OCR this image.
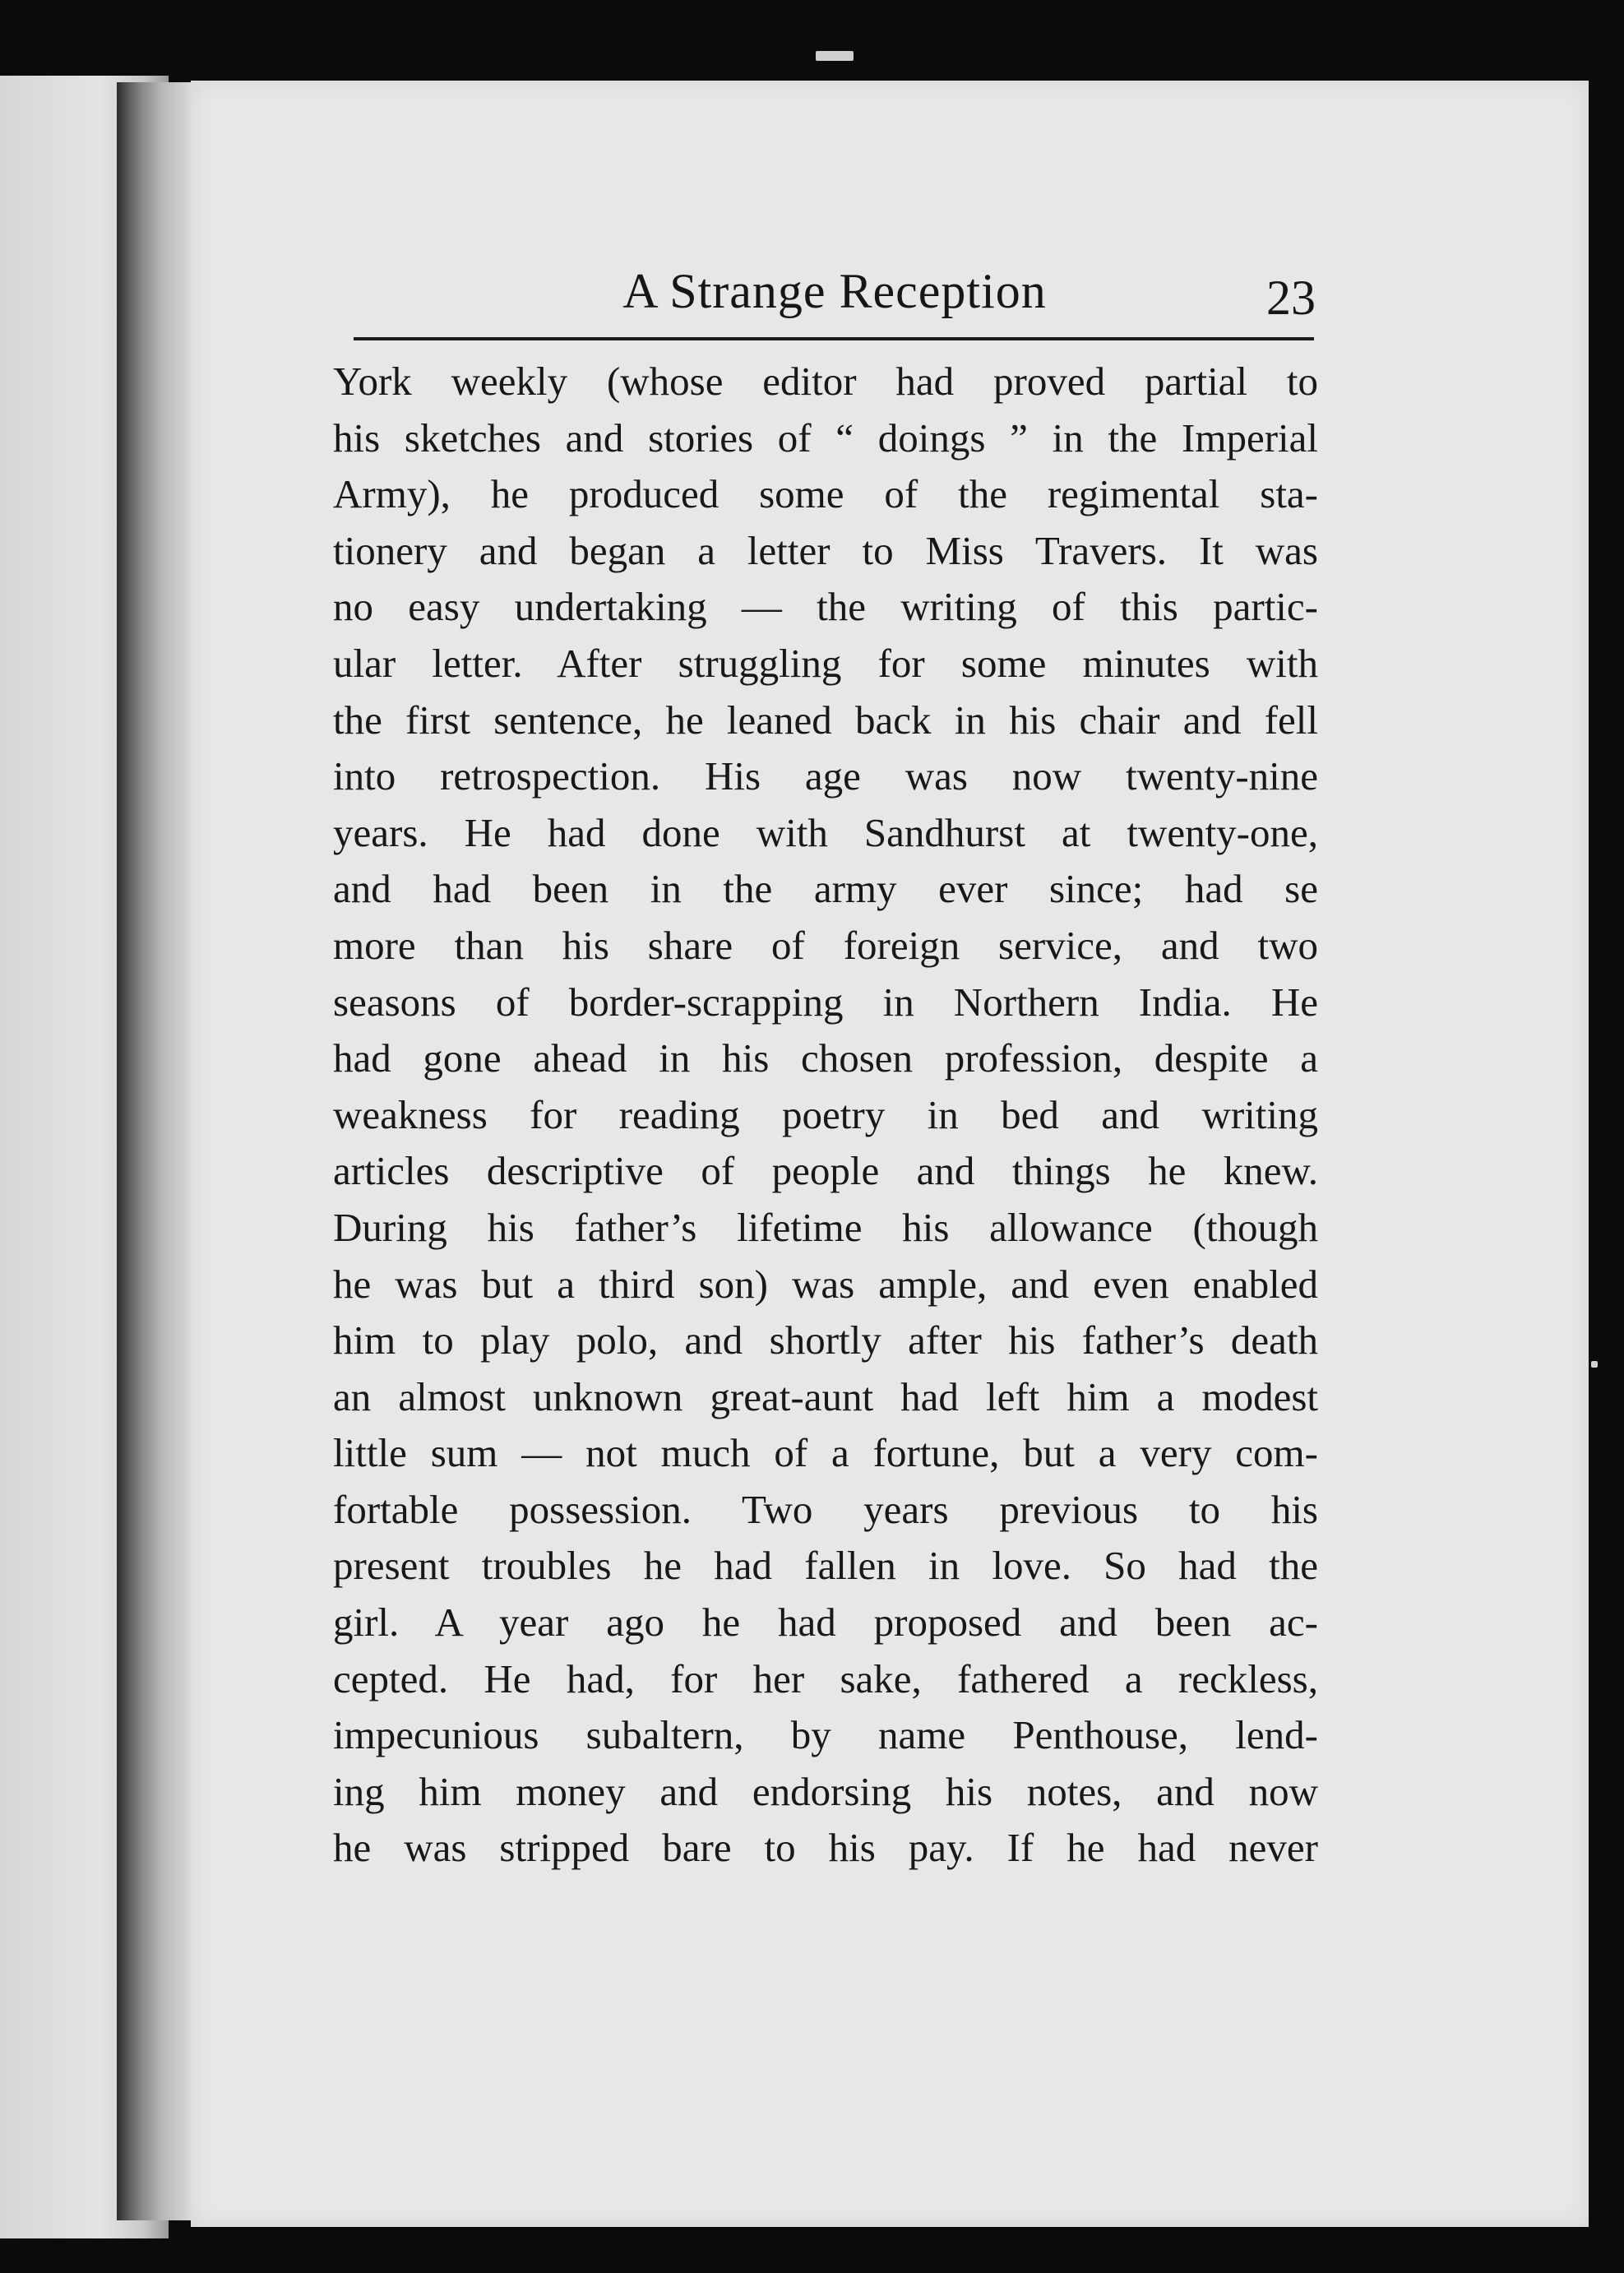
A Strange Reception	23
York weekly (whose editor had proved partial to
his sketches and stories of “ doings ” in the Imperial
Army), he produced some of the regimental sta-
tionery and began a letter to Miss Travers. It was
no easy undertaking — the writing of this partic-
ular letter. After struggling for some minutes with
the first sentence, he leaned back in his chair and fell
into retrospection. His age was now twenty-nine
years. He had done with Sandhurst at twenty-one,
and had been in the army ever since; had se
more than his share of foreign service, and two
seasons of border-scrapping in Northern India. He
had gone ahead in his chosen profession, despite a
weakness for reading poetry in bed and writing
articles descriptive of people and things he knew.
During his father’s lifetime his allowance (though
he was but a third son) was ample, and even enabled
him to play polo, and shortly after his father’s death
an almost unknown great-aunt had left him a modest
little sum — not much of a fortune, but a very com-
fortable possession. Two years previous to his
present troubles he had fallen in love. So had the
girl. A year ago he had proposed and been ac-
cepted. He had, for her sake, fathered a reckless,
impecunious subaltern, by name Penthouse, lend-
ing him money and endorsing his notes, and now
he was stripped bare to his pay. If he had never
